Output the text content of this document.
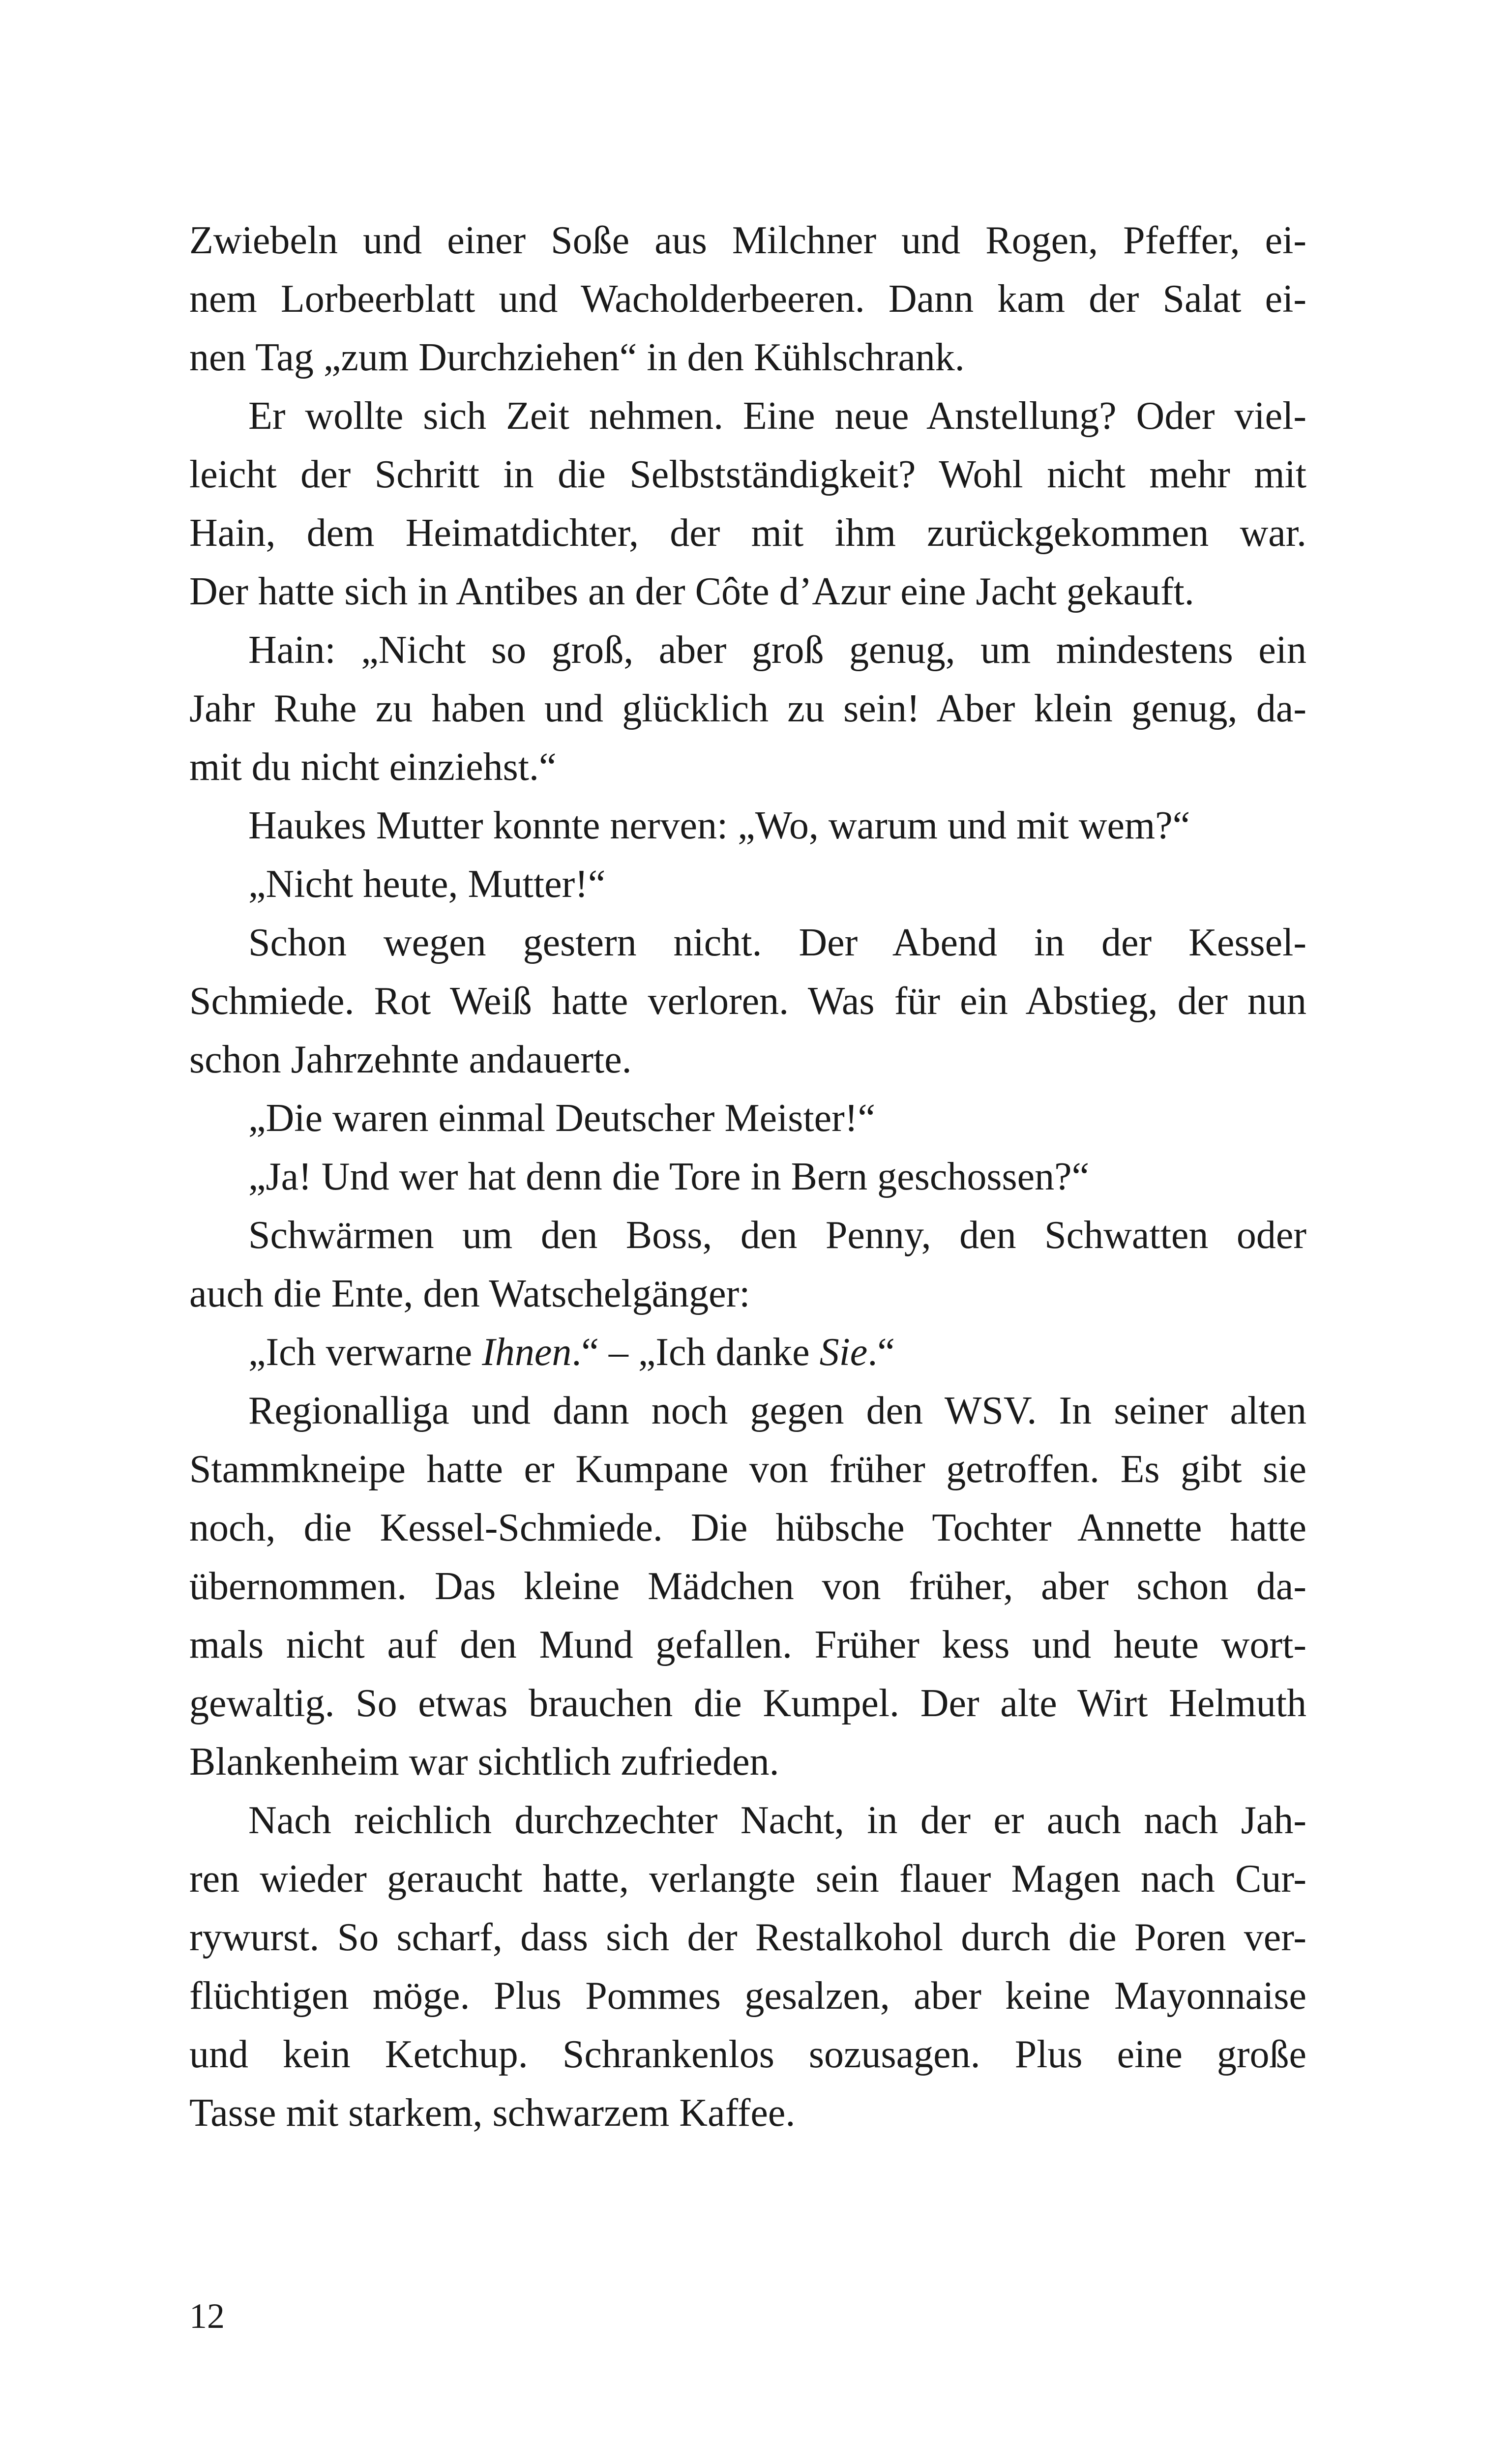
Zwiebeln und einer Soße aus Milchner und Rogen, Pfeffer, ei-
nem Lorbeerblatt und Wacholderbeeren. Dann kam der Salat ei-
nen Tag „zum Durchziehen“ in den Kühlschrank.
Er wollte sich Zeit nehmen. Eine neue Anstellung? Oder viel-
leicht der Schritt in die Selbstständigkeit? Wohl nicht mehr mit
Hain, dem Heimatdichter, der mit ihm zurückgekommen war.
Der hatte sich in Antibes an der Côte d’Azur eine Jacht gekauft.
Hain: „Nicht so groß, aber groß genug, um mindestens ein
Jahr Ruhe zu haben und glücklich zu sein! Aber klein genug, da-
mit du nicht einziehst.“
Haukes Mutter konnte nerven: „Wo, warum und mit wem?“
„Nicht heute, Mutter!“
Schon wegen gestern nicht. Der Abend in der Kessel-
Schmiede. Rot Weiß hatte verloren. Was für ein Abstieg, der nun
schon Jahrzehnte andauerte.
„Die waren einmal Deutscher Meister!“
„Ja! Und wer hat denn die Tore in Bern geschossen?“
Schwärmen um den Boss, den Penny, den Schwatten oder
auch die Ente, den Watschelgänger:
„Ich verwarne Ihnen.“ – „Ich danke Sie.“
Regionalliga und dann noch gegen den WSV. In seiner alten
Stammkneipe hatte er Kumpane von früher getroffen. Es gibt sie
noch, die Kessel-Schmiede. Die hübsche Tochter Annette hatte
übernommen. Das kleine Mädchen von früher, aber schon da-
mals nicht auf den Mund gefallen. Früher kess und heute wort-
gewaltig. So etwas brauchen die Kumpel. Der alte Wirt Helmuth
Blankenheim war sichtlich zufrieden.
Nach reichlich durchzechter Nacht, in der er auch nach Jah-
ren wieder geraucht hatte, verlangte sein flauer Magen nach Cur-
rywurst. So scharf, dass sich der Restalkohol durch die Poren ver-
flüchtigen möge. Plus Pommes gesalzen, aber keine Mayonnaise
und kein Ketchup. Schrankenlos sozusagen. Plus eine große
Tasse mit starkem, schwarzem Kaffee.
12
